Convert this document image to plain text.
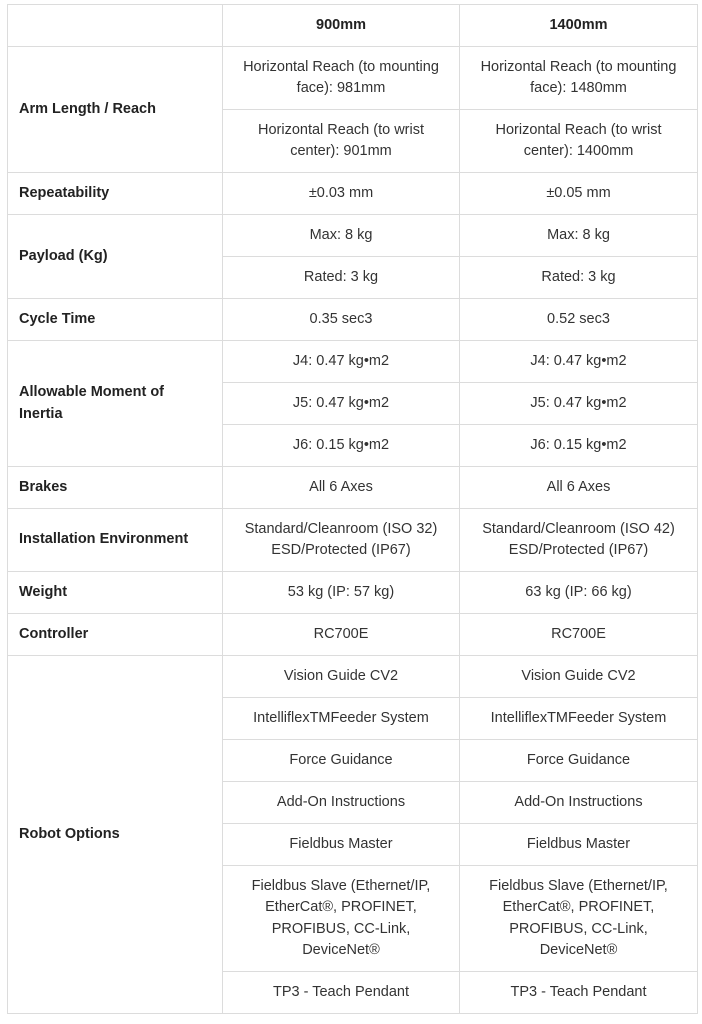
	900mm	1400mm
Arm Length / Reach	Horizontal Reach (to mounting face): 981mm	Horizontal Reach (to mounting face): 1480mm
	Horizontal Reach (to wrist center): 901mm	Horizontal Reach (to wrist center): 1400mm
Repeatability	±0.03 mm	±0.05 mm
Payload (Kg)	Max: 8 kg	Max: 8 kg
	Rated: 3 kg	Rated: 3 kg
Cycle Time	0.35 sec3	0.52 sec3
Allowable Moment of Inertia	J4: 0.47 kg•m2	J4: 0.47 kg•m2
	J5: 0.47 kg•m2	J5: 0.47 kg•m2
	J6: 0.15 kg•m2	J6: 0.15 kg•m2
Brakes	All 6 Axes	All 6 Axes
Installation Environment	Standard/Cleanroom (ISO 32) ESD/Protected (IP67)	Standard/Cleanroom (ISO 42) ESD/Protected (IP67)
Weight	53 kg (IP: 57 kg)	63 kg (IP: 66 kg)
Controller	RC700E	RC700E
Robot Options	Vision Guide CV2	Vision Guide CV2
	IntelliflexTMFeeder System	IntelliflexTMFeeder System
	Force Guidance	Force Guidance
	Add-On Instructions	Add-On Instructions
	Fieldbus Master	Fieldbus Master
	Fieldbus Slave (Ethernet/IP, EtherCat®, PROFINET, PROFIBUS, CC-Link, DeviceNet®	Fieldbus Slave (Ethernet/IP, EtherCat®, PROFINET, PROFIBUS, CC-Link, DeviceNet®
	TP3 - Teach Pendant	TP3 - Teach Pendant
